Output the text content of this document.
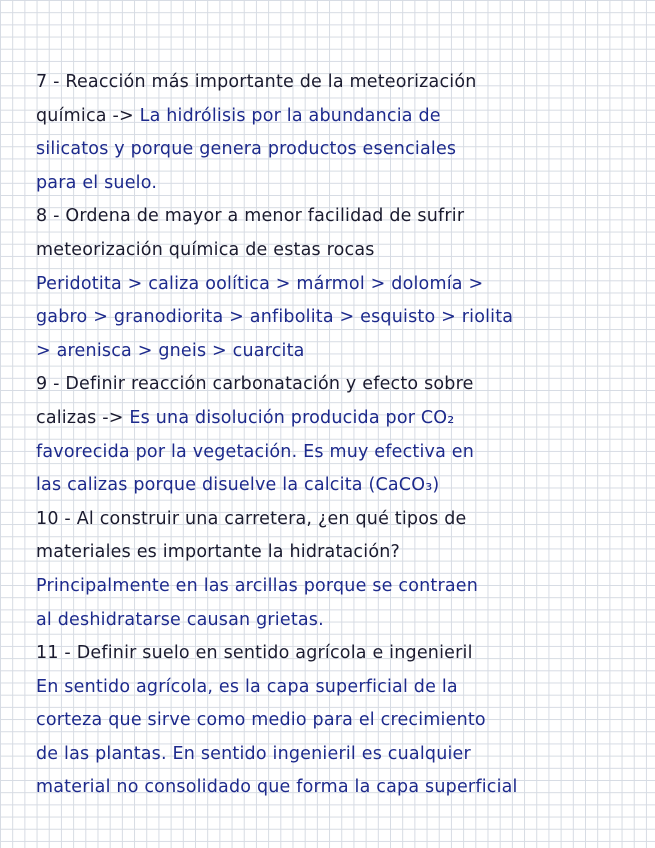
7 - Reacción más importante de la meteorización
química -> La hidrólisis por la abundancia de
silicatos y porque genera productos esenciales
para el suelo.
8 - Ordena de mayor a menor facilidad de sufrir
meteorización química de estas rocas
Peridotita > caliza oolítica > mármol > dolomía >
gabro > granodiorita > anfibolita > esquisto > riolita
> arenisca > gneis > cuarcita
9 - Definir reacción carbonatación y efecto sobre
calizas -> Es una disolución producida por CO₂
favorecida por la vegetación. Es muy efectiva en
las calizas porque disuelve la calcita (CaCO₃)
10 - Al construir una carretera, ¿en qué tipos de
materiales es importante la hidratación?
Principalmente en las arcillas porque se contraen
al deshidratarse causan grietas.
11 - Definir suelo en sentido agrícola e ingenieril
En sentido agrícola, es la capa superficial de la
corteza que sirve como medio para el crecimiento
de las plantas. En sentido ingenieril es cualquier
material no consolidado que forma la capa superficial
